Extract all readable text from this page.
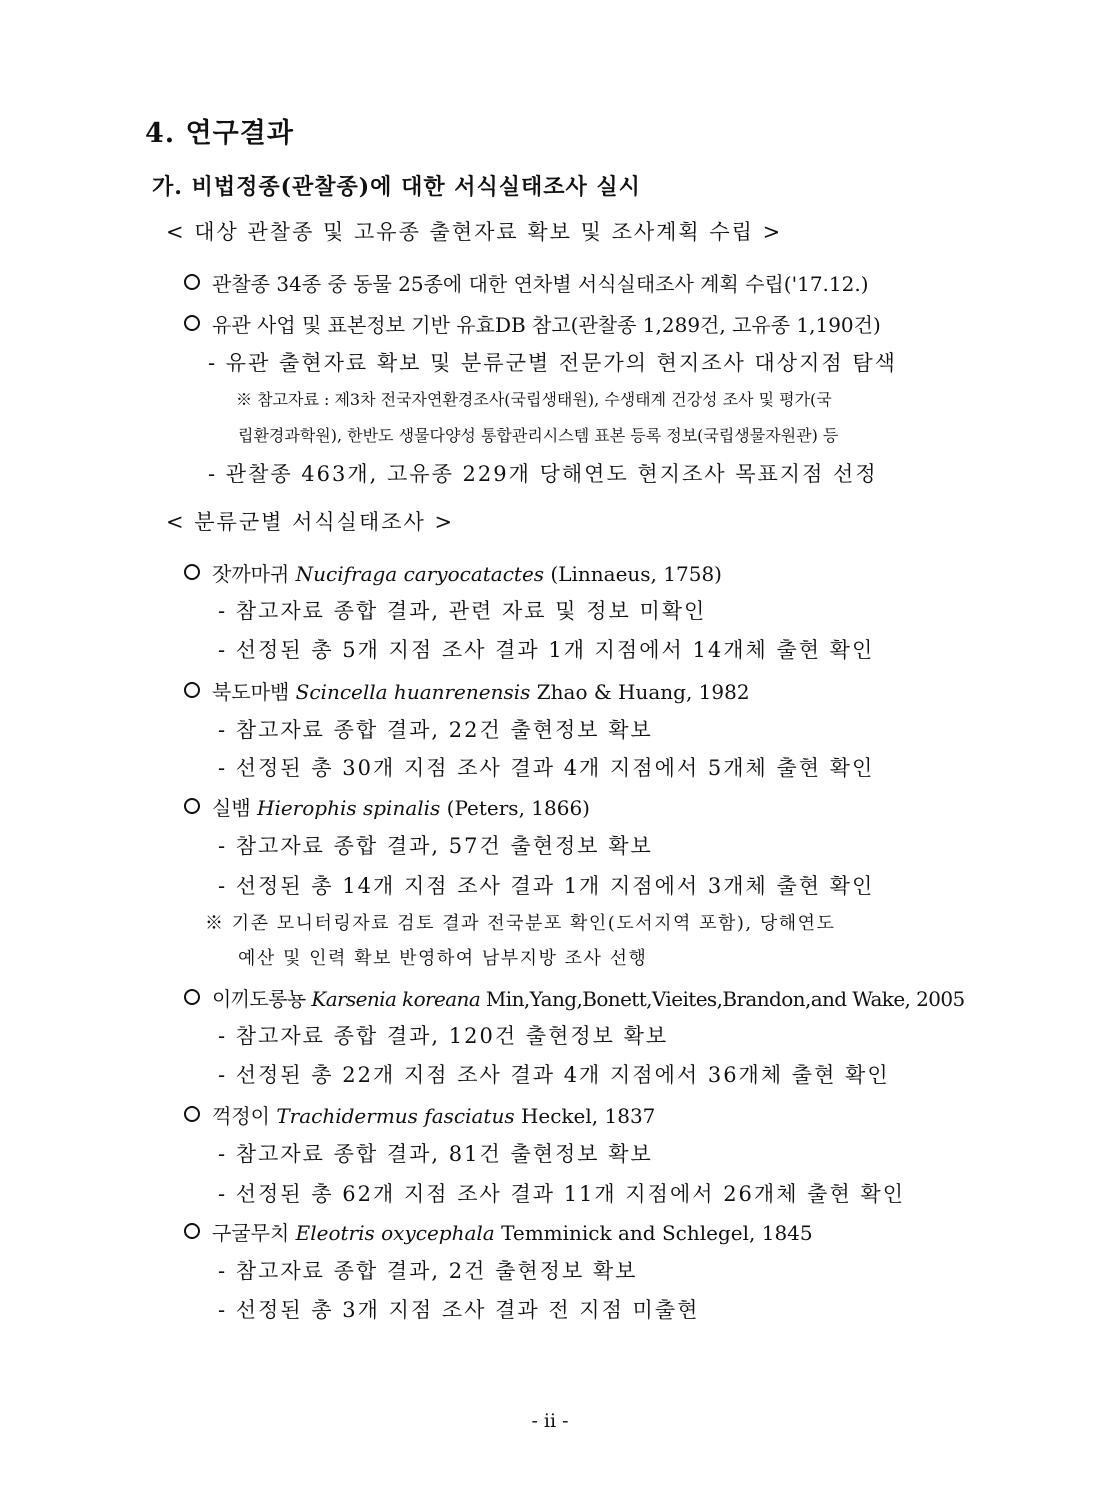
4. 연구결과
가. 비법정종(관찰종)에 대한 서식실태조사 실시
< 대상 관찰종 및 고유종 출현자료 확보 및 조사계획 수립 >
관찰종 34종 중 동물 25종에 대한 연차별 서식실태조사 계획 수립('17.12.)
유관 사업 및 표본정보 기반 유효DB 참고(관찰종 1,289건, 고유종 1,190건)
- 유관 출현자료 확보 및 분류군별 전문가의 현지조사 대상지점 탐색
※ 참고자료 : 제3차 전국자연환경조사(국립생태원), 수생태계 건강성 조사 및 평가(국
립환경과학원), 한반도 생물다양성 통합관리시스템 표본 등록 정보(국립생물자원관) 등
- 관찰종 463개, 고유종 229개 당해연도 현지조사 목표지점 선정
< 분류군별 서식실태조사 >
잣까마귀 Nucifraga caryocatactes (Linnaeus, 1758)
- 참고자료 종합 결과, 관련 자료 및 정보 미확인
- 선정된 총 5개 지점 조사 결과 1개 지점에서 14개체 출현 확인
북도마뱀 Scincella huanrenensis Zhao & Huang, 1982
- 참고자료 종합 결과, 22건 출현정보 확보
- 선정된 총 30개 지점 조사 결과 4개 지점에서 5개체 출현 확인
실뱀 Hierophis spinalis (Peters, 1866)
- 참고자료 종합 결과, 57건 출현정보 확보
- 선정된 총 14개 지점 조사 결과 1개 지점에서 3개체 출현 확인
※ 기존 모니터링자료 검토 결과 전국분포 확인(도서지역 포함), 당해연도
예산 및 인력 확보 반영하여 남부지방 조사 선행
이끼도롱뇽 Karsenia koreana Min,Yang,Bonett,Vieites,Brandon,and Wake, 2005
- 참고자료 종합 결과, 120건 출현정보 확보
- 선정된 총 22개 지점 조사 결과 4개 지점에서 36개체 출현 확인
꺽정이 Trachidermus fasciatus Heckel, 1837
- 참고자료 종합 결과, 81건 출현정보 확보
- 선정된 총 62개 지점 조사 결과 11개 지점에서 26개체 출현 확인
구굴무치 Eleotris oxycephala Temminick and Schlegel, 1845
- 참고자료 종합 결과, 2건 출현정보 확보
- 선정된 총 3개 지점 조사 결과 전 지점 미출현
- ii -
